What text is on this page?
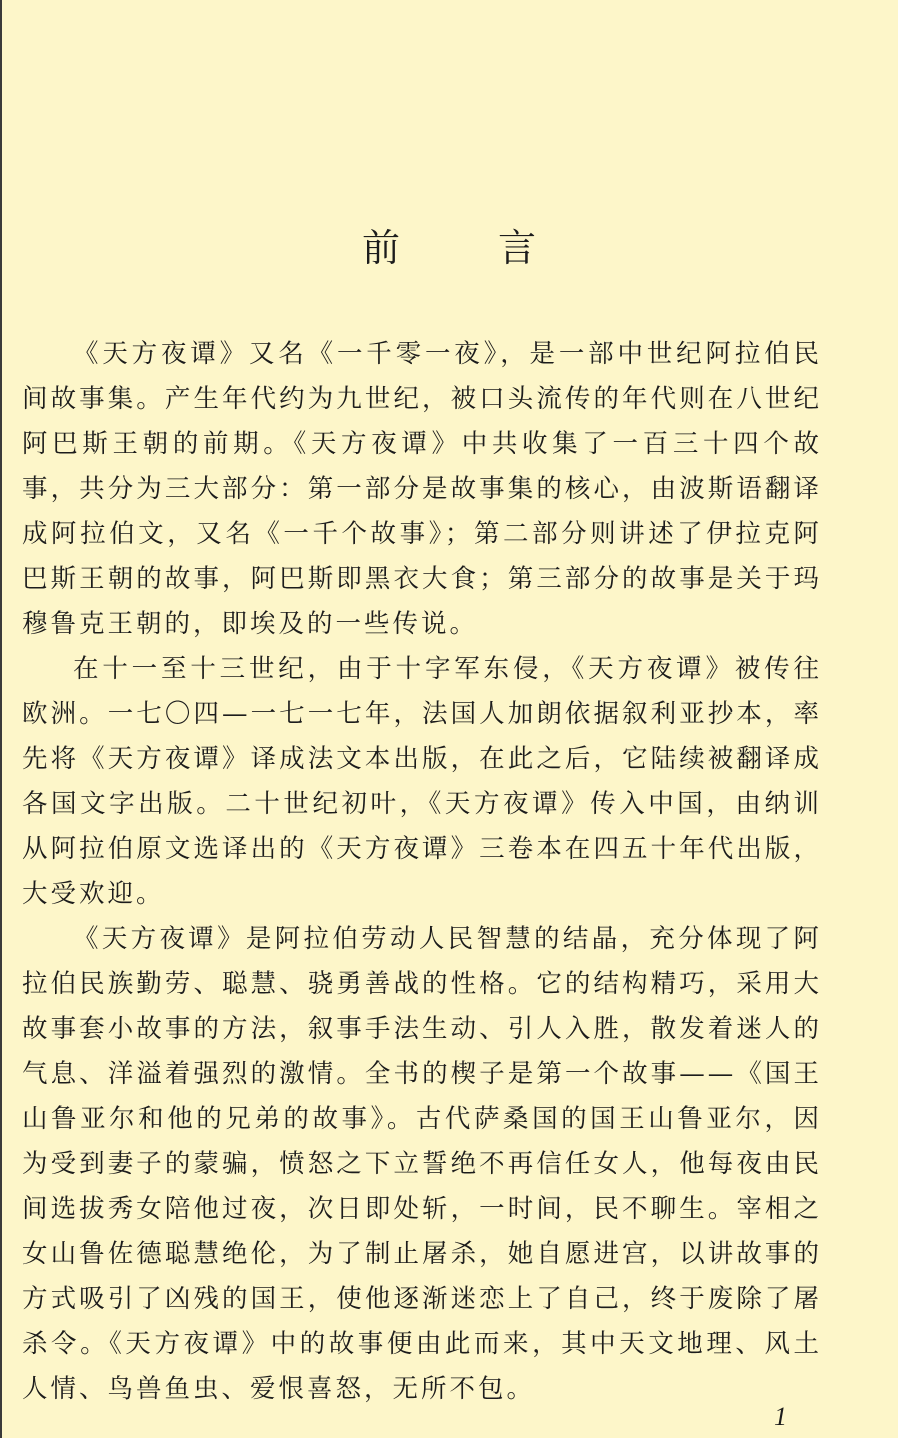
前	言

《天方夜谭》又名《一千零一夜》，是一部中世纪阿拉伯民间故事集。产生年代约为九世纪，被口头流传的年代则在八世纪阿巴斯王朝的前期。《天方夜谭》中共收集了一百三十四个故事，共分为三大部分：第一部分是故事集的核心，由波斯语翻译成阿拉伯文，又名《一千个故事》；第二部分则讲述了伊拉克阿巴斯王朝的故事，阿巴斯即黑衣大食；第三部分的故事是关于玛穆鲁克王朝的，即埃及的一些传说。

在十一至十三世纪，由于十字军东侵，《天方夜谭》被传往欧洲。一七〇四—一七一七年，法国人加朗依据叙利亚抄本，率先将《天方夜谭》译成法文本出版，在此之后，它陆续被翻译成各国文字出版。二十世纪初叶，《天方夜谭》传入中国，由纳训从阿拉伯原文选译出的《天方夜谭》三卷本在四五十年代出版，大受欢迎。

《天方夜谭》是阿拉伯劳动人民智慧的结晶，充分体现了阿拉伯民族勤劳、聪慧、骁勇善战的性格。它的结构精巧，采用大故事套小故事的方法，叙事手法生动、引人入胜，散发着迷人的气息、洋溢着强烈的激情。全书的楔子是第一个故事——《国王山鲁亚尔和他的兄弟的故事》。古代萨桑国的国王山鲁亚尔，因为受到妻子的蒙骗，愤怒之下立誓绝不再信任女人，他每夜由民间选拔秀女陪他过夜，次日即处斩，一时间，民不聊生。宰相之女山鲁佐德聪慧绝伦，为了制止屠杀，她自愿进宫，以讲故事的方式吸引了凶残的国王，使他逐渐迷恋上了自己，终于废除了屠杀令。《天方夜谭》中的故事便由此而来，其中天文地理、风土人情、鸟兽鱼虫、爱恨喜怒，无所不包。

1
